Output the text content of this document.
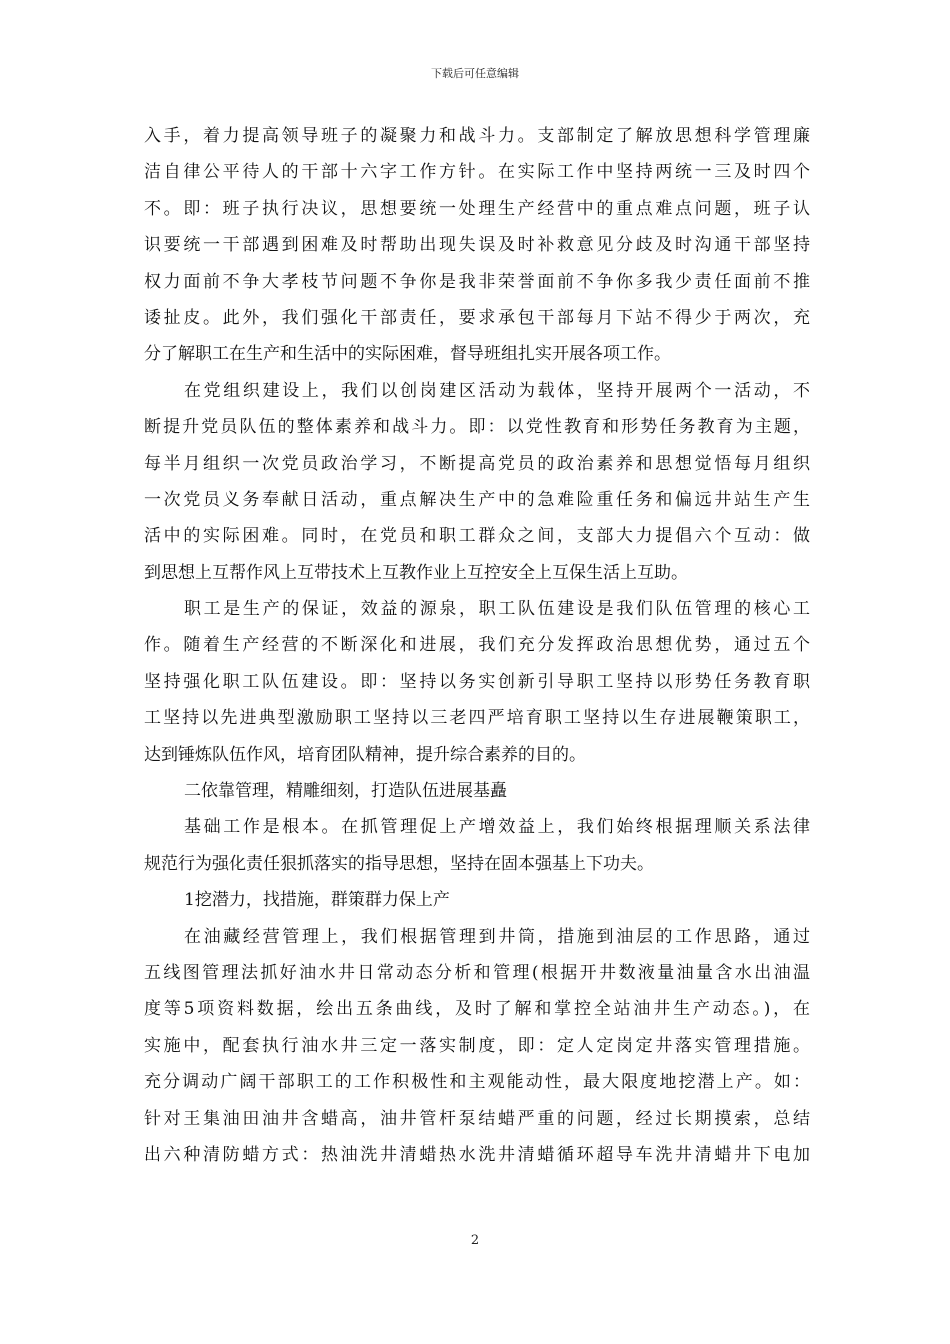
下载后可任意编辑
入手，着力提高领导班子的凝聚力和战斗力。支部制定了解放思想科学管理廉
洁自律公平待人的干部十六字工作方针。在实际工作中坚持两统一三及时四个
不。即：班子执行决议，思想要统一处理生产经营中的重点难点问题，班子认
识要统一干部遇到困难及时帮助出现失误及时补救意见分歧及时沟通干部坚持
权力面前不争大孝枝节问题不争你是我非荣誉面前不争你多我少责任面前不推
诿扯皮。此外，我们强化干部责任，要求承包干部每月下站不得少于两次，充
分了解职工在生产和生活中的实际困难，督导班组扎实开展各项工作。
在党组织建设上，我们以创岗建区活动为载体，坚持开展两个一活动，不
断提升党员队伍的整体素养和战斗力。即：以党性教育和形势任务教育为主题，
每半月组织一次党员政治学习，不断提高党员的政治素养和思想觉悟每月组织
一次党员义务奉献日活动，重点解决生产中的急难险重任务和偏远井站生产生
活中的实际困难。同时，在党员和职工群众之间，支部大力提倡六个互动：做
到思想上互帮作风上互带技术上互教作业上互控安全上互保生活上互助。
职工是生产的保证，效益的源泉，职工队伍建设是我们队伍管理的核心工
作。随着生产经营的不断深化和进展，我们充分发挥政治思想优势，通过五个
坚持强化职工队伍建设。即：坚持以务实创新引导职工坚持以形势任务教育职
工坚持以先进典型激励职工坚持以三老四严培育职工坚持以生存进展鞭策职工，
达到锤炼队伍作风，培育团队精神，提升综合素养的目的。
二依靠管理，精雕细刻，打造队伍进展基矗
基础工作是根本。在抓管理促上产增效益上，我们始终根据理顺关系法律
规范行为强化责任狠抓落实的指导思想，坚持在固本强基上下功夫。
1挖潜力，找措施，群策群力保上产
在油藏经营管理上，我们根据管理到井筒，措施到油层的工作思路，通过
五线图管理法抓好油水井日常动态分析和管理(根据开井数液量油量含水出油温
度等5项资料数据，绘出五条曲线，及时了解和掌控全站油井生产动态。)，在
实施中，配套执行油水井三定一落实制度，即：定人定岗定井落实管理措施。
充分调动广阔干部职工的工作积极性和主观能动性，最大限度地挖潜上产。如：
针对王集油田油井含蜡高，油井管杆泵结蜡严重的问题，经过长期摸索，总结
出六种清防蜡方式：热油洗井清蜡热水洗井清蜡循环超导车洗井清蜡井下电加
2
